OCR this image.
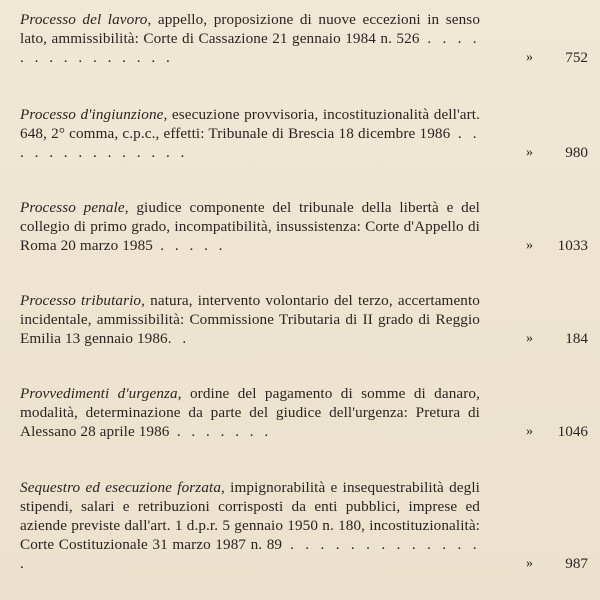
Processo del lavoro, appello, proposizione di nuove eccezioni in senso lato, ammissibilità: Corte di Cassazione 21 gennaio 1984 n. 526 . . . . . . . . . . . . . . .	» 752
Processo d'ingiunzione, esecuzione provvisoria, incostituzionalità dell'art. 648, 2° comma, c.p.c., effetti: Tribunale di Brescia 18 dicembre 1986 . . . . . . . . . . . . . .	» 980
Processo penale, giudice componente del tribunale della libertà e del collegio di primo grado, incompatibilità, insussistenza: Corte d'Appello di Roma 20 marzo 1985 . . . . .	» 1033
Processo tributario, natura, intervento volontario del terzo, accertamento incidentale, ammissibilità: Commissione Tributaria di II grado di Reggio Emilia 13 gennaio 1986. .	» 184
Provvedimenti d'urgenza, ordine del pagamento di somme di danaro, modalità, determinazione da parte del giudice dell'urgenza: Pretura di Alessano 28 aprile 1986 . . . . . . .	» 1046
Sequestro ed esecuzione forzata, impignorabilità e insequestrabilità degli stipendi, salari e retribuzioni corrisposti da enti pubblici, imprese ed aziende previste dall'art. 1 d.p.r. 5 gennaio 1950 n. 180, incostituzionalità: Corte Costituzionale 31 marzo 1987 n. 89 . . . . . . . . . . . . . .	» 987
